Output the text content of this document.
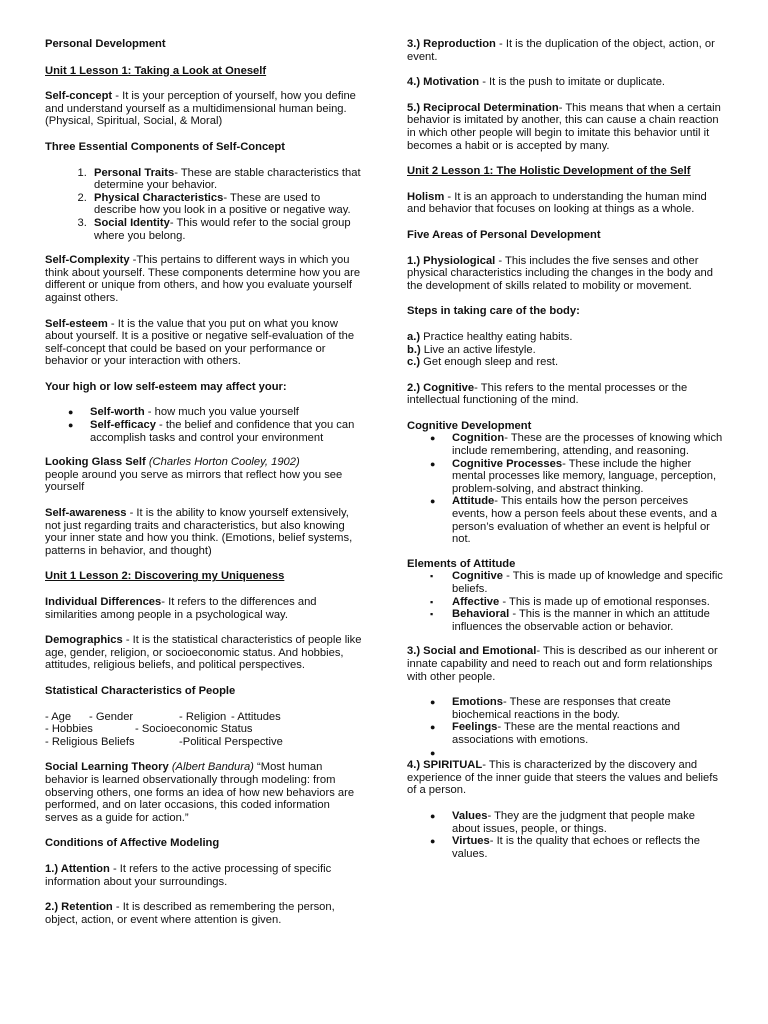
Personal Development

Unit 1 Lesson 1: Taking a Look at Oneself

Self-concept - It is your perception of yourself, how you define and understand yourself as a multidimensional human being. (Physical, Spiritual, Social, & Moral)

Three Essential Components of Self-Concept

1. Personal Traits- These are stable characteristics that determine your behavior.
2. Physical Characteristics- These are used to describe how you look in a positive or negative way.
3. Social Identity- This would refer to the social group where you belong.

Self-Complexity -This pertains to different ways in which you think about yourself. These components determine how you are different or unique from others, and how you evaluate yourself against others.

Self-esteem - It is the value that you put on what you know about yourself. It is a positive or negative self-evaluation of the self-concept that could be based on your performance or behavior or your interaction with others.

Your high or low self-esteem may affect your:

● Self-worth - how much you value yourself
● Self-efficacy - the belief and confidence that you can accomplish tasks and control your environment

Looking Glass Self (Charles Horton Cooley, 1902)
people around you serve as mirrors that reflect how you see yourself

Self-awareness - It is the ability to know yourself extensively, not just regarding traits and characteristics, but also knowing your inner state and how you think. (Emotions, belief systems, patterns in behavior, and thought)

Unit 1 Lesson 2: Discovering my Uniqueness

Individual Differences- It refers to the differences and similarities among people in a psychological way.

Demographics - It is the statistical characteristics of people like age, gender, religion, or socioeconomic status. And hobbies, attitudes, religious beliefs, and political perspectives.

Statistical Characteristics of People

- Age - Gender	- Religion - Attitudes
- Hobbies	- Socioeconomic Status
- Religious Beliefs	-Political Perspective

Social Learning Theory (Albert Bandura) “Most human behavior is learned observationally through modeling: from observing others, one forms an idea of how new behaviors are performed, and on later occasions, this coded information serves as a guide for action.”

Conditions of Affective Modeling

1.) Attention - It refers to the active processing of specific information about your surroundings.

2.) Retention - It is described as remembering the person, object, action, or event where attention is given.

3.) Reproduction - It is the duplication of the object, action, or event.

4.) Motivation - It is the push to imitate or duplicate.

5.) Reciprocal Determination- This means that when a certain behavior is imitated by another, this can cause a chain reaction in which other people will begin to imitate this behavior until it becomes a habit or is accepted by many.

Unit 2 Lesson 1: The Holistic Development of the Self

Holism - It is an approach to understanding the human mind and behavior that focuses on looking at things as a whole.

Five Areas of Personal Development

1.) Physiological - This includes the five senses and other physical characteristics including the changes in the body and the development of skills related to mobility or movement.

Steps in taking care of the body:

a.) Practice healthy eating habits.
b.) Live an active lifestyle.
c.) Get enough sleep and rest.

2.) Cognitive- This refers to the mental processes or the intellectual functioning of the mind.

Cognitive Development

● Cognition- These are the processes of knowing which include remembering, attending, and reasoning.
● Cognitive Processes- These include the higher mental processes like memory, language, perception, problem-solving, and abstract thinking.
● Attitude- This entails how the person perceives events, how a person feels about these events, and a person’s evaluation of whether an event is helpful or not.

Elements of Attitude

▪ Cognitive - This is made up of knowledge and specific beliefs.
▪ Affective - This is made up of emotional responses.
▪ Behavioral - This is the manner in which an attitude influences the observable action or behavior.

3.) Social and Emotional- This is described as our inherent or innate capability and need to reach out and form relationships with other people.

● Emotions- These are responses that create biochemical reactions in the body.
● Feelings- These are the mental reactions and associations with emotions.
●

4.) SPIRITUAL- This is characterized by the discovery and experience of the inner guide that steers the values and beliefs of a person.

● Values- They are the judgment that people make about issues, people, or things.
● Virtues- It is the quality that echoes or reflects the values.
